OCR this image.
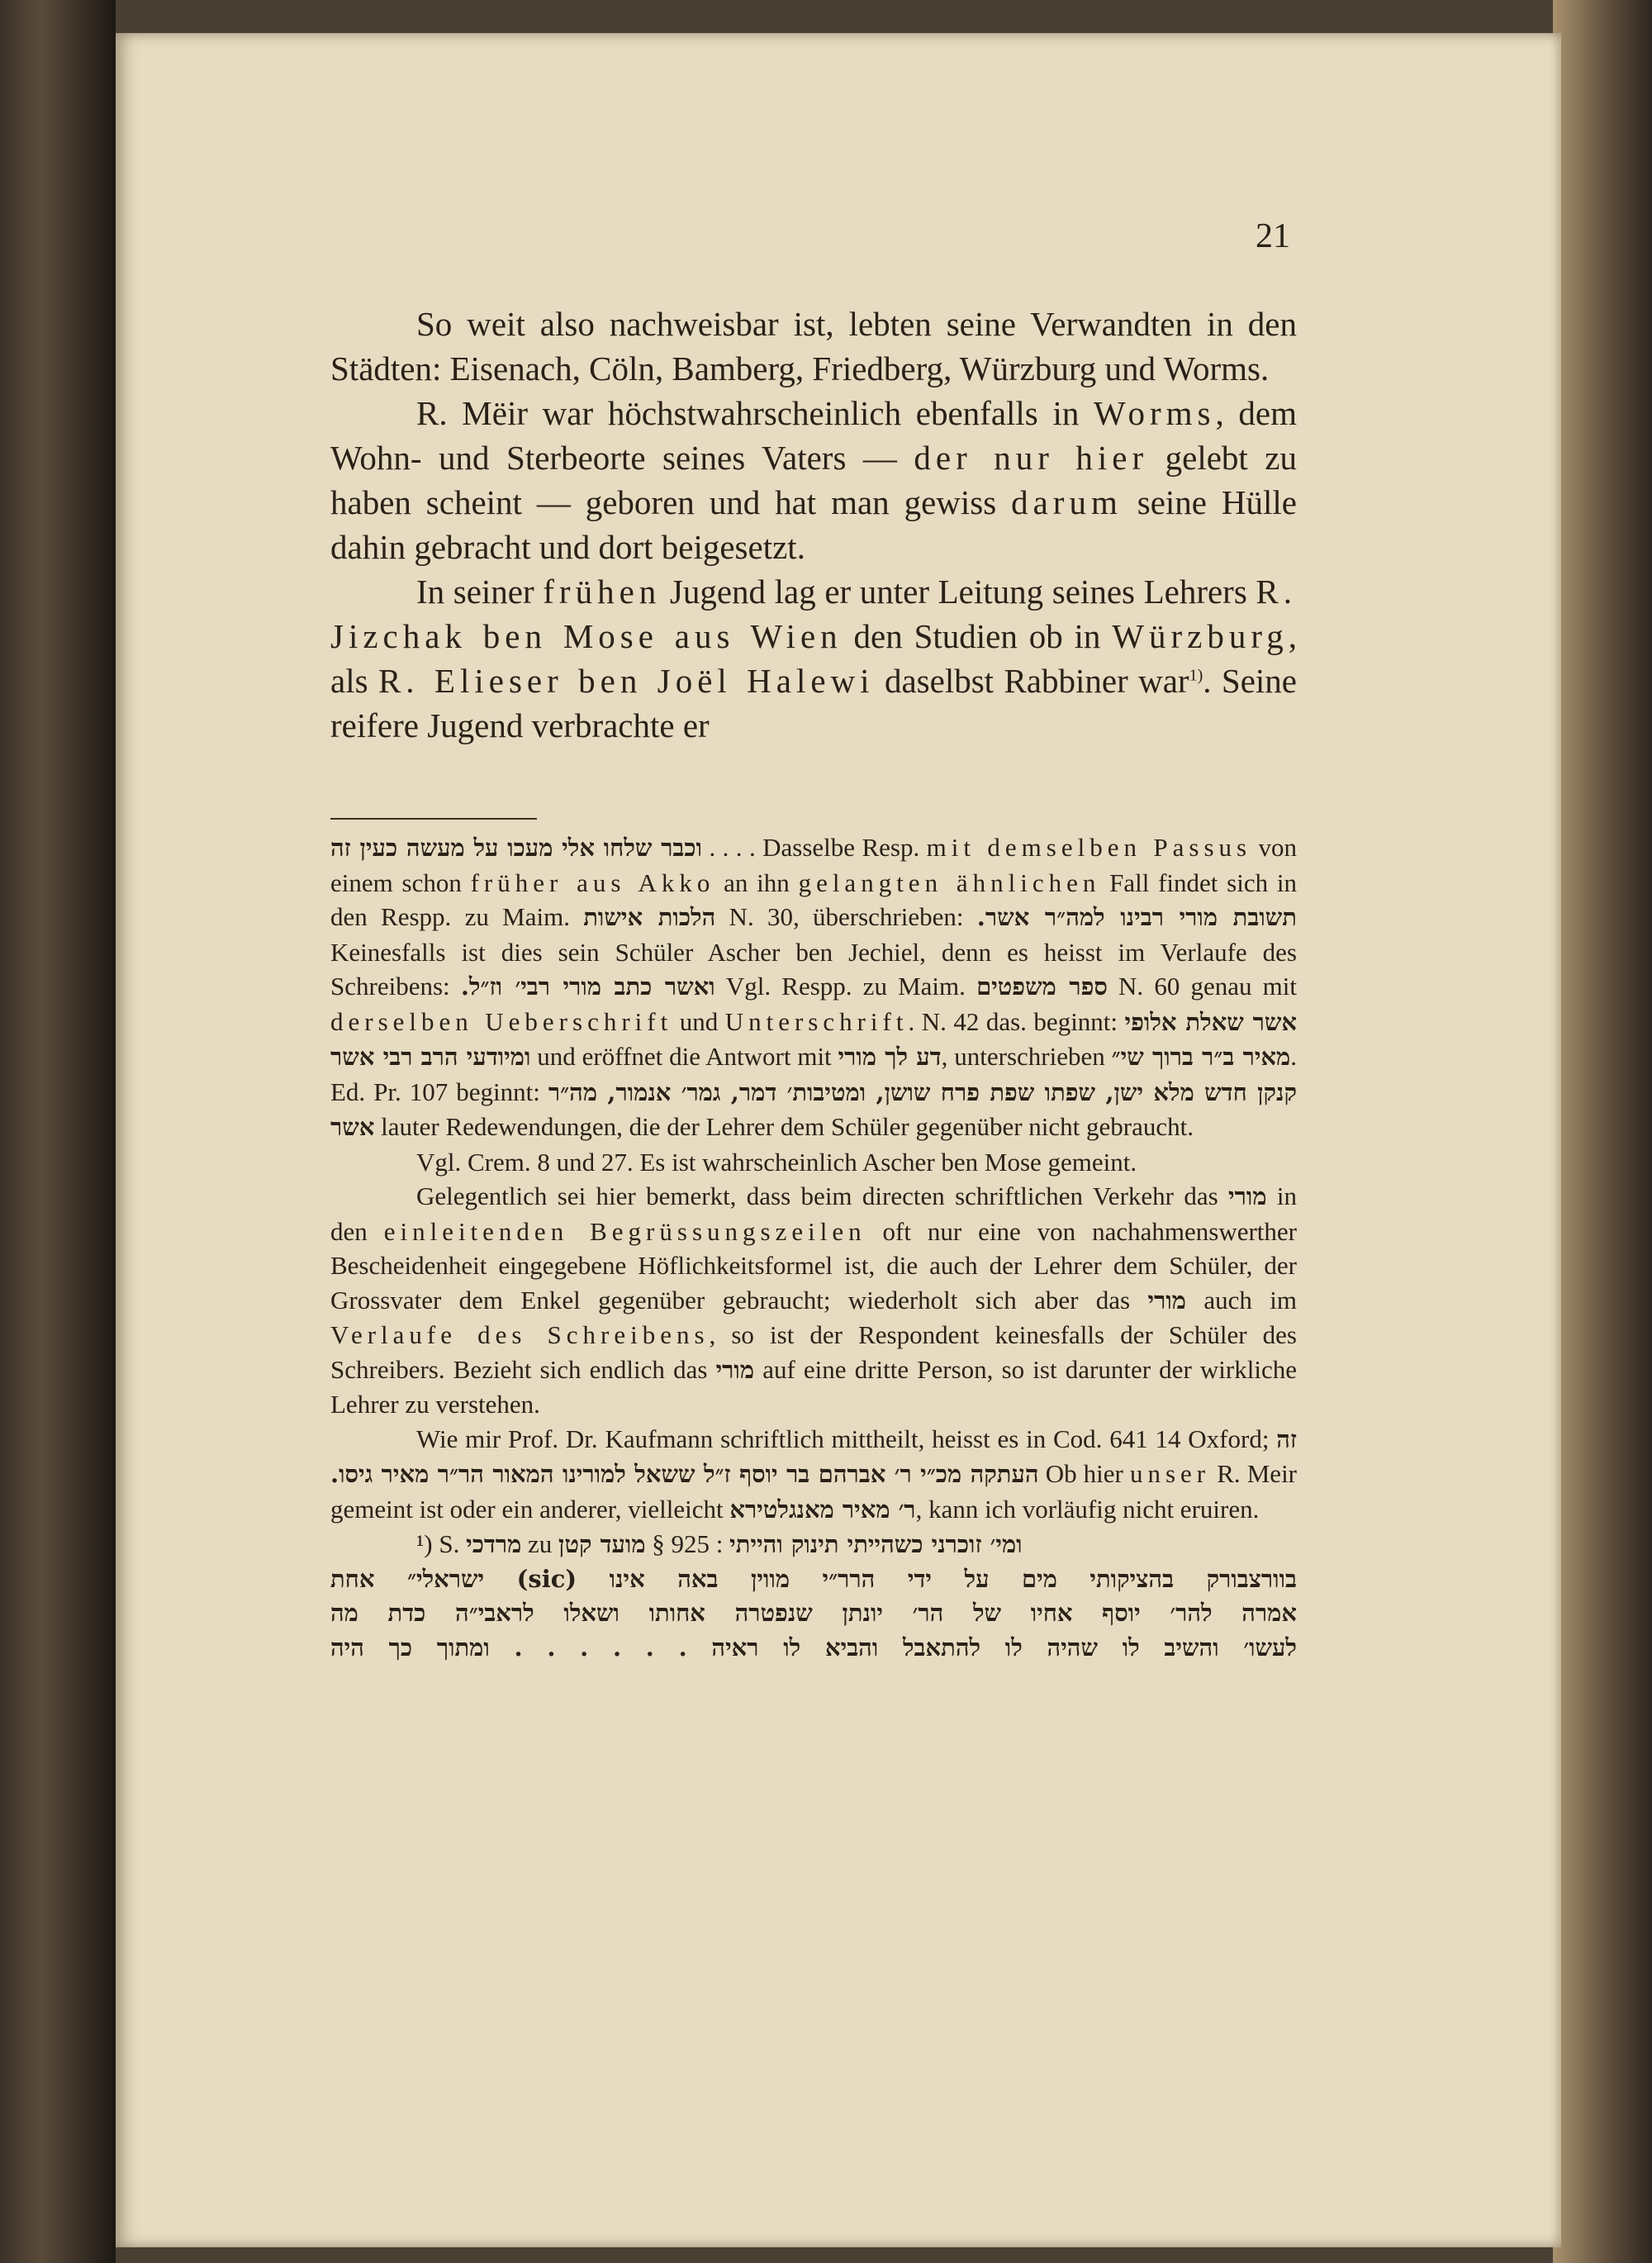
21

So weit also nachweisbar ist, lebten seine Verwandten in den Städten: Eisenach, Cöln, Bamberg, Friedberg, Würzburg und Worms.

R. Mëir war höchstwahrscheinlich ebenfalls in Worms, dem Wohn- und Sterbeorte seines Vaters — der nur hier gelebt zu haben scheint — geboren und hat man gewiss darum seine Hülle dahin gebracht und dort beigesetzt.

In seiner frühen Jugend lag er unter Leitung seines Lehrers R. Jizchak ben Mose aus Wien den Studien ob in Würzburg, als R. Elieser ben Joël Halewi daselbst Rabbiner war$^{1)}$. Seine reifere Jugend verbrachte er

וכבר שלחו אלי מעכו על מעשה כעין זה . . . . Dasselbe Resp. mit demselben Passus von einem schon früher aus Akko an ihn gelangten ähnlichen Fall findet sich in den Respp. zu Maim. הלכות אישות N. 30, überschrieben: תשובת מורי רבינו למה״ר אשר. Keinesfalls ist dies sein Schüler Ascher ben Jechiel, denn es heisst im Verlaufe des Schreibens: ואשר כתב מורי רבי׳ וז״ל. Vgl. Respp. zu Maim. ספר משפטים N. 60 genau mit derselben Ueberschrift und Unterschrift. N. 42 das. beginnt: אשר שאלת אלופי ומיודעי הרב רבי אשר und eröffnet die Antwort mit דע לך מורי, unterschrieben מאיר ב״ר ברוך שי״. Ed. Pr. 107 beginnt: קנקן חדש מלא ישן, שפתו שפת פרח שושן, ומטיבות׳ דמר, גמר׳ אנמור, מה״ר אשר lauter Redewendungen, die der Lehrer dem Schüler gegenüber nicht gebraucht.

Vgl. Crem. 8 und 27. Es ist wahrscheinlich Ascher ben Mose gemeint.

Gelegentlich sei hier bemerkt, dass beim directen schriftlichen Verkehr das מורי in den einleitenden Begrüssungszeilen oft nur eine von nachahmenswerther Bescheidenheit eingegebene Höflichkeitsformel ist, die auch der Lehrer dem Schüler, der Grossvater dem Enkel gegenüber gebraucht; wiederholt sich aber das מורי auch im Verlaufe des Schreibens, so ist der Respondent keinesfalls der Schüler des Schreibers. Bezieht sich endlich das מורי auf eine dritte Person, so ist darunter der wirkliche Lehrer zu verstehen.

Wie mir Prof. Dr. Kaufmann schriftlich mittheilt, heisst es in Cod. 641 14 Oxford; זה העתקה מכ״י ר׳ אברהם בר יוסף ז״ל ששאל למורינו המאור הר״ר מאיר גיסו. Ob hier unser R. Meir gemeint ist oder ein anderer, vielleicht ר׳ מאיר מאנגלטירא, kann ich vorläufig nicht eruiren.

¹) S. מרדכי zu מועד קטן § 925 : ומי׳ זוכרני כשהייתי תינוק והייתי

בוורצבורק בהציקותי מים על ידי הרר״י מווין באה אינו (sic) ישראלי״ אחת

אמרה להר׳ יוסף אחיו של הר׳ יונתן שנפטרה אחותו ושאלו לראבי״ה כדת מה

לעשו׳ והשיב לו שהיה לו להתאבל והביא לו ראיה . . . . . . ומתוך כך היה
